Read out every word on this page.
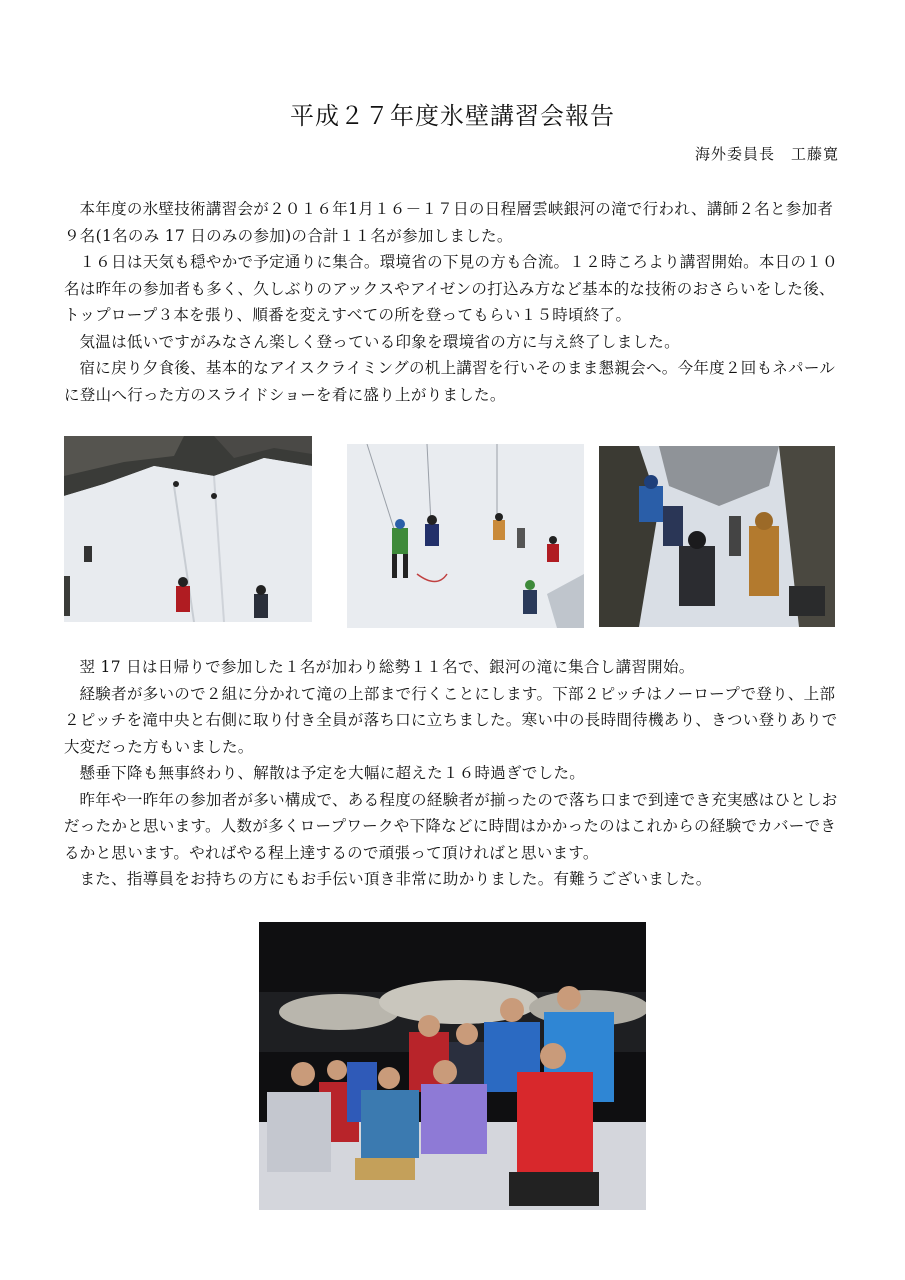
平成２７年度氷壁講習会報告
海外委員長　工藤寛

本年度の氷壁技術講習会が２０１６年1月１６－１７日の日程層雲峡銀河の滝で行われ、講師２名と参加者９名(1名のみ 17 日のみの参加)の合計１１名が参加しました。

１６日は天気も穏やかで予定通りに集合。環境省の下見の方も合流。１２時ころより講習開始。本日の１０名は昨年の参加者も多く、久しぶりのアックスやアイゼンの打込み方など基本的な技術のおさらいをした後、トップロープ３本を張り、順番を変えすべての所を登ってもらい１５時頃終了。

気温は低いですがみなさん楽しく登っている印象を環境省の方に与え終了しました。

宿に戻り夕食後、基本的なアイスクライミングの机上講習を行いそのまま懇親会へ。今年度２回もネパールに登山へ行った方のスライドショーを肴に盛り上がりました。

翌 17 日は日帰りで参加した１名が加わり総勢１１名で、銀河の滝に集合し講習開始。

経験者が多いので２組に分かれて滝の上部まで行くことにします。下部２ピッチはノーロープで登り、上部２ピッチを滝中央と右側に取り付き全員が落ち口に立ちました。寒い中の長時間待機あり、きつい登りありで大変だった方もいました。

懸垂下降も無事終わり、解散は予定を大幅に超えた１６時過ぎでした。

昨年や一昨年の参加者が多い構成で、ある程度の経験者が揃ったので落ち口まで到達でき充実感はひとしおだったかと思います。人数が多くロープワークや下降などに時間はかかったのはこれからの経験でカバーできるかと思います。やればやる程上達するので頑張って頂ければと思います。

また、指導員をお持ちの方にもお手伝い頂き非常に助かりました。有難うございました。
